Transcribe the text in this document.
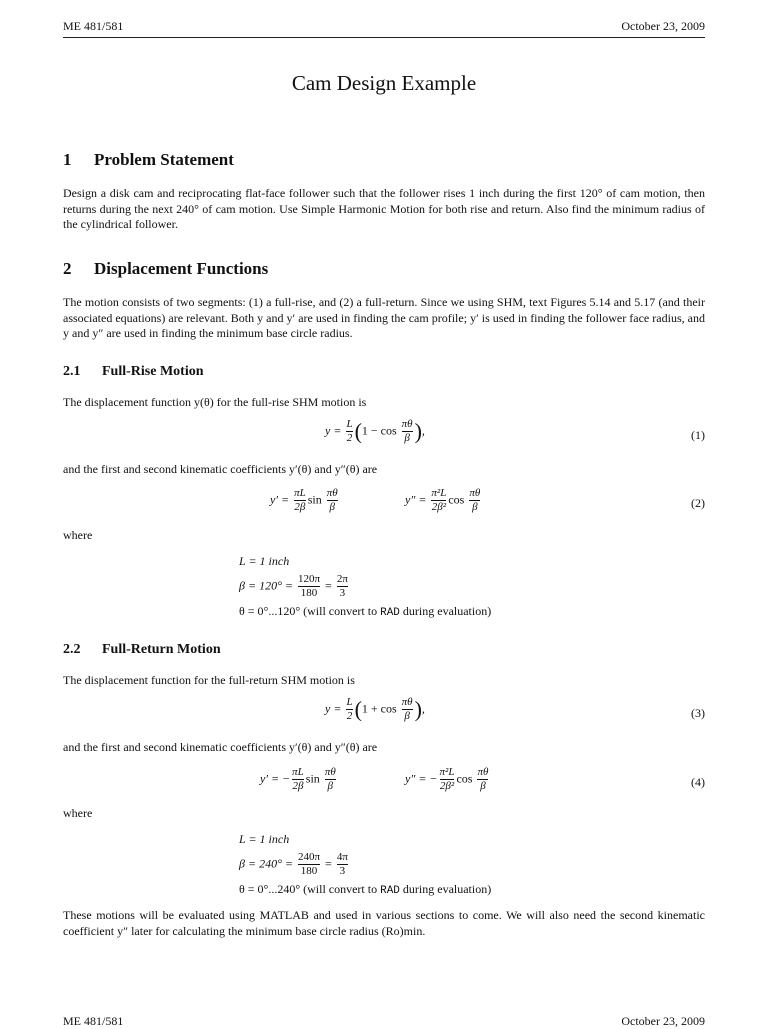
ME 481/581	October 23, 2009
Cam Design Example
1 Problem Statement
Design a disk cam and reciprocating flat-face follower such that the follower rises 1 inch during the first 120° of cam motion, then returns during the next 240° of cam motion. Use Simple Harmonic Motion for both rise and return. Also find the minimum radius of the cylindrical follower.
2 Displacement Functions
The motion consists of two segments: (1) a full-rise, and (2) a full-return. Since we using SHM, text Figures 5.14 and 5.17 (and their associated equations) are relevant. Both y and y′ are used in finding the cam profile; y′ is used in finding the follower face radius, and y and y″ are used in finding the minimum base circle radius.
2.1 Full-Rise Motion
The displacement function y(θ) for the full-rise SHM motion is
$y = \frac{L}{2} (1 - \cos \frac{\pi\theta}{\beta}$ ),	(1)
and the first and second kinematic coefficients y′(θ) and y″(θ) are
$y' = \frac{\pi L}{2\beta}$ $\sin \frac{\pi\theta}{\beta}$	$y'' = \frac{\text{π²L}}{\text{2β²}}$ $\cos \frac{\pi\theta}{\beta}$	(2)
where
L = 1 inch
$\beta = 120^\circ = \frac{120\pi}{180} = \frac{2\pi}{3}$
θ = 0°...120° (will convert to RAD during evaluation)
2.2 Full-Return Motion
The displacement function for the full-return SHM motion is
$y = \frac{L}{2} (1 + \cos \frac{\pi\theta}{\beta}$ ),	(3)
and the first and second kinematic coefficients y′(θ) and y″(θ) are
y′ = − $\frac{\pi L}{2\beta}$ $\sin \frac{\pi\theta}{\beta}$	y″ = − $\frac{\text{π²L}}{\text{2β²}}$ $\cos \frac{\pi\theta}{\beta}$	(4)
where
L = 1 inch
$\beta = 240^\circ = \frac{240\pi}{180} = \frac{4\pi}{3}$
θ = 0°...240° (will convert to RAD during evaluation)
These motions will be evaluated using MATLAB and used in various sections to come. We will also need the second kinematic coefficient y″ later for calculating the minimum base circle radius (Ro)min.
ME 481/581	October 23, 2009
